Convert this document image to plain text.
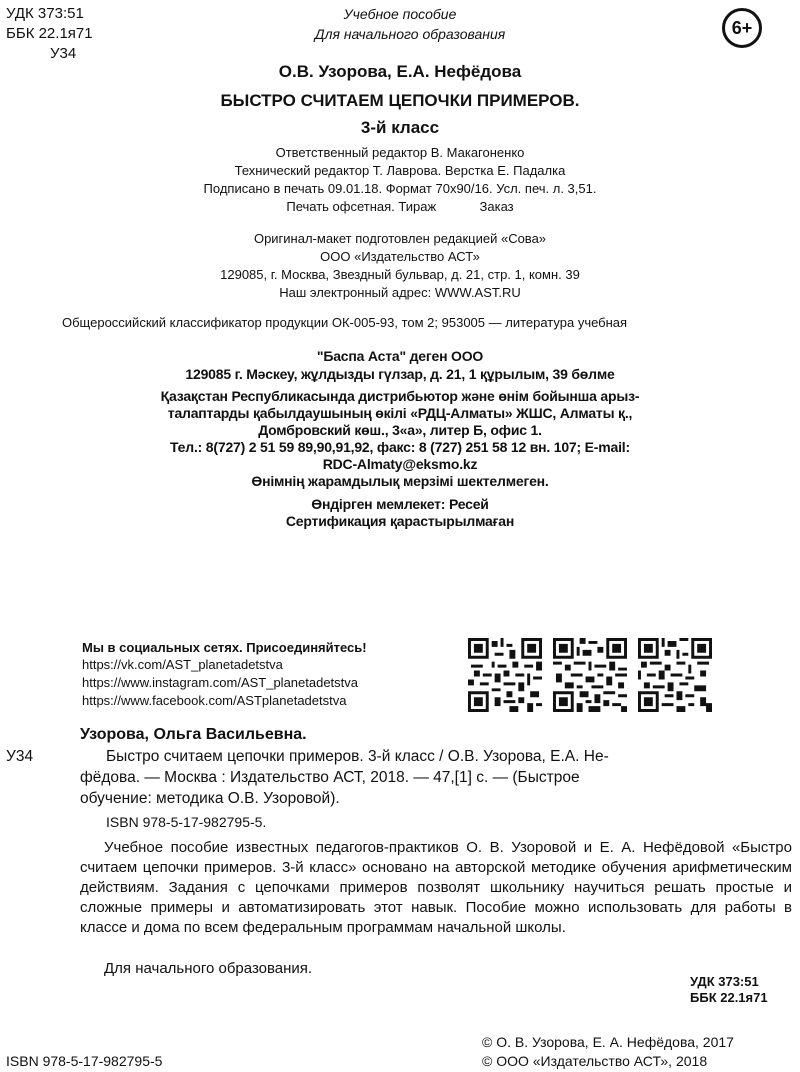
УДК 373:51
ББК 22.1я71
У34
Учебное пособие
Для начального образования	6+
О.В. Узорова, Е.А. Нефёдова
БЫСТРО СЧИТАЕМ ЦЕПОЧКИ ПРИМЕРОВ.
3-й класс
Ответственный редактор В. Макагоненко
Технический редактор Т. Лаврова. Верстка Е. Падалка
Подписано в печать 09.01.18. Формат 70х90/16. Усл. печ. л. 3,51.
Печать офсетная. Тираж            Заказ
Оригинал-макет подготовлен редакцией «Сова»
ООО «Издательство АСТ»
129085, г. Москва, Звездный бульвар, д. 21, стр. 1, комн. 39
Наш электронный адрес: WWW.AST.RU
Общероссийский классификатор продукции ОК-005-93, том 2; 953005 — литература учебная
"Баспа Аста" деген ООО
129085 г. Мәскеу, жұлдызды гүлзар, д. 21, 1 құрылым, 39 бөлме
Қазақстан Республикасында дистрибьютор және өнім бойынша арыз-
талаптарды қабылдаушының өкілі «РДЦ-Алматы» ЖШС, Алматы қ.,
Домбровский көш., 3«а», литер Б, офис 1.
Тел.: 8(727) 2 51 59 89,90,91,92, факс: 8 (727) 251 58 12 вн. 107; E-mail:
RDC-Almaty@eksmo.kz
Өнімнің жарамдылық мерзімі шектелмеген.
Өндірген мемлекет: Ресей
Сертификация қарастырылмаған
Мы в социальных сетях. Присоединяйтесь!
https://vk.com/AST_planetadetstva
https://www.instagram.com/AST_planetadetstva
https://www.facebook.com/ASTplanetadetstva
Узорова, Ольга Васильевна.
У34	Быстро считаем цепочки примеров. 3-й класс / О.В. Узорова, Е.А. Не-
фёдова. — Москва : Издательство АСТ, 2018. — 47,[1] с. — (Быстрое
обучение: методика О.В. Узоровой).
ISBN 978-5-17-982795-5.
Учебное пособие известных педагогов-практиков О. В. Узоровой и Е. А. Нефёдовой «Быстро считаем цепочки примеров. 3-й класс» основано на авторской методике обучения арифметическим действиям. Задания с цепочками примеров позволят школьнику научиться решать простые и сложные примеры и автоматизировать этот навык. Пособие можно использовать для работы в классе и дома по всем федеральным программам начальной школы.
Для начального образования.
УДК 373:51
ББК 22.1я71
© О. В. Узорова, Е. А. Нефёдова, 2017
ISBN 978-5-17-982795-5	© ООО «Издательство АСТ», 2018
